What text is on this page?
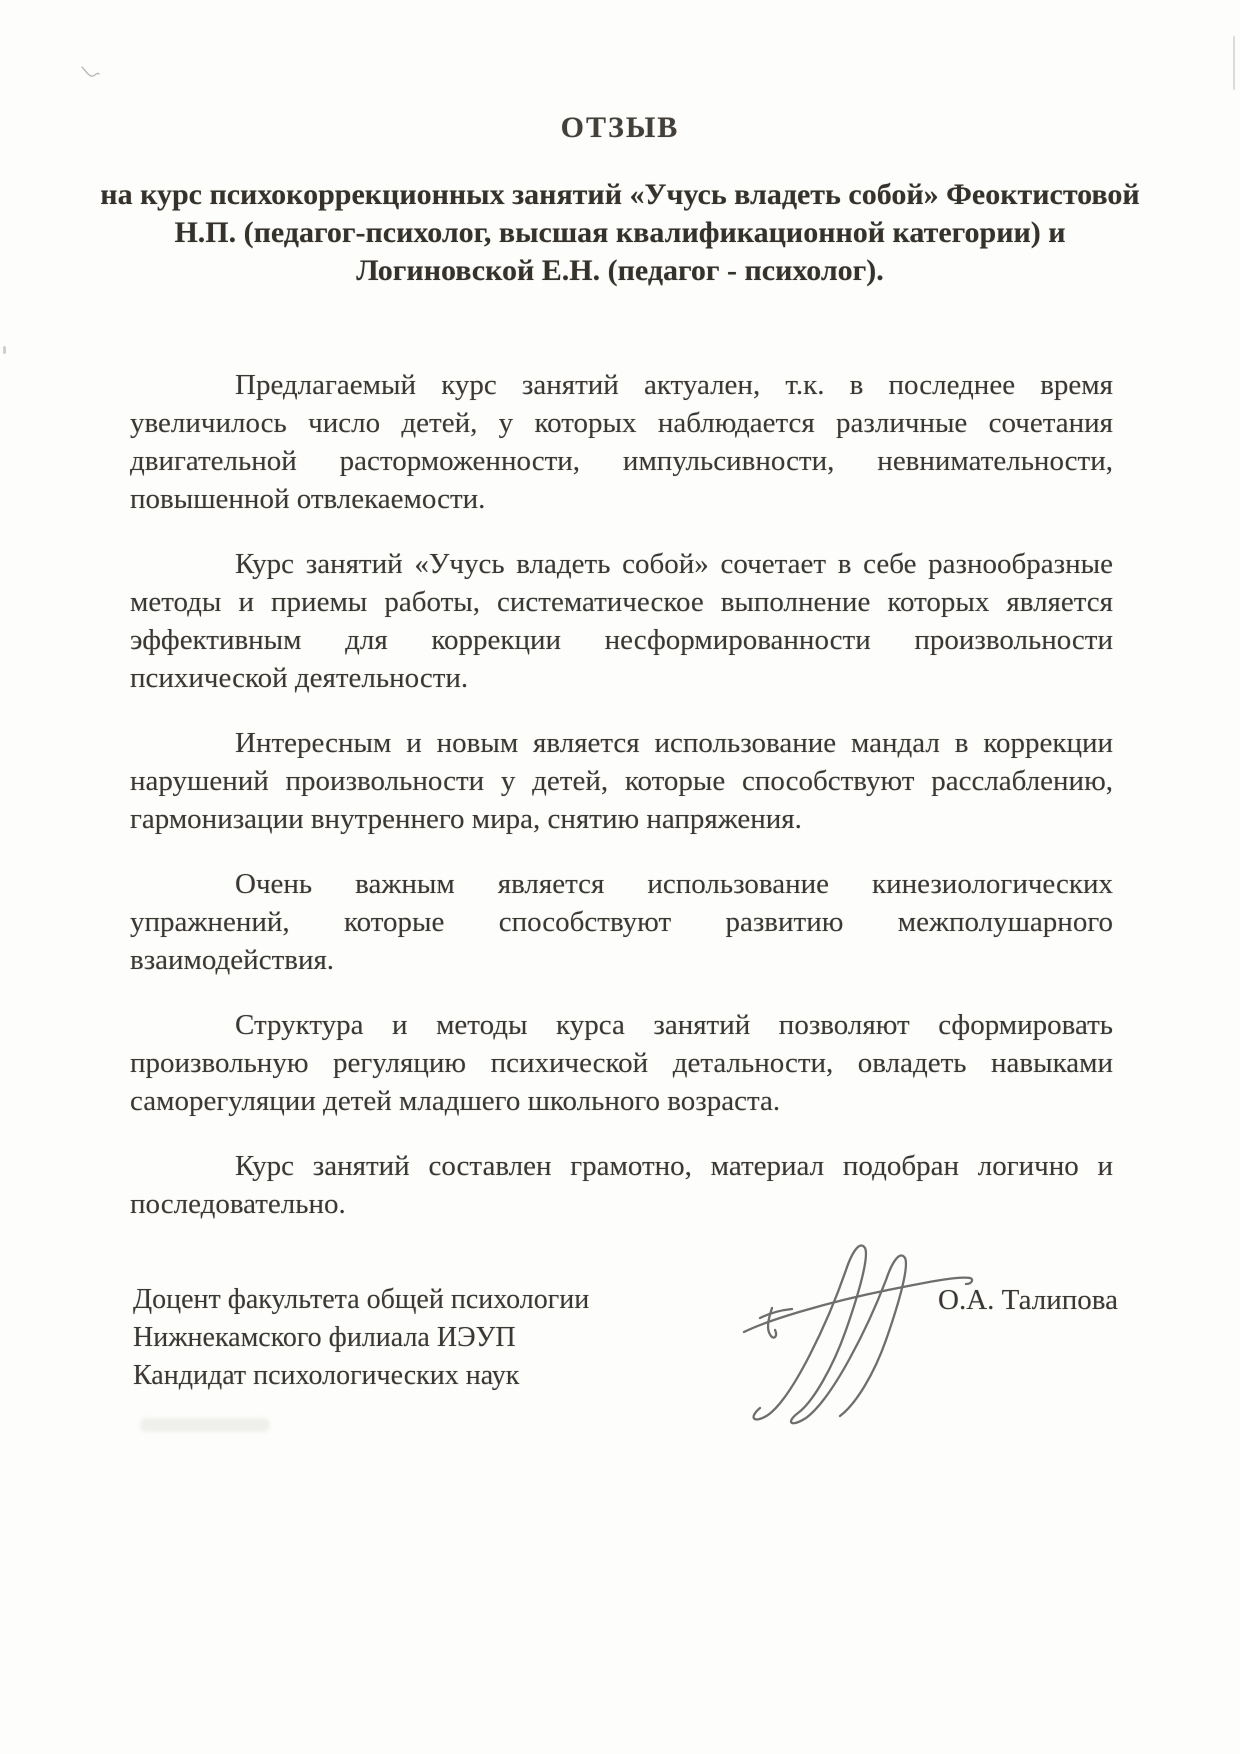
ОТЗЫВ
на курс психокоррекционных занятий «Учусь владеть собой» Феоктистовой
Н.П. (педагог-психолог, высшая квалификационной категории) и
Логиновской Е.Н. (педагог - психолог).

Предлагаемый курс занятий актуален, т.к. в последнее время увеличилось число детей, у которых наблюдается различные сочетания двигательной расторможенности, импульсивности, невнимательности, повышенной отвлекаемости.

Курс занятий «Учусь владеть собой» сочетает в себе разнообразные методы и приемы работы, систематическое выполнение которых является эффективным для коррекции несформированности произвольности психической деятельности.

Интересным и новым является использование мандал в коррекции нарушений произвольности у детей, которые способствуют расслаблению, гармонизации внутреннего мира, снятию напряжения.

Очень важным является использование кинезиологических упражнений, которые способствуют развитию межполушарного взаимодействия.

Структура и методы курса занятий позволяют сформировать произвольную регуляцию психической детальности, овладеть навыками саморегуляции детей младшего школьного возраста.

Курс занятий составлен грамотно, материал подобран логично и последовательно.

Доцент факультета общей психологии
Нижнекамского филиала ИЭУП
Кандидат психологических наук
О.А. Талипова
